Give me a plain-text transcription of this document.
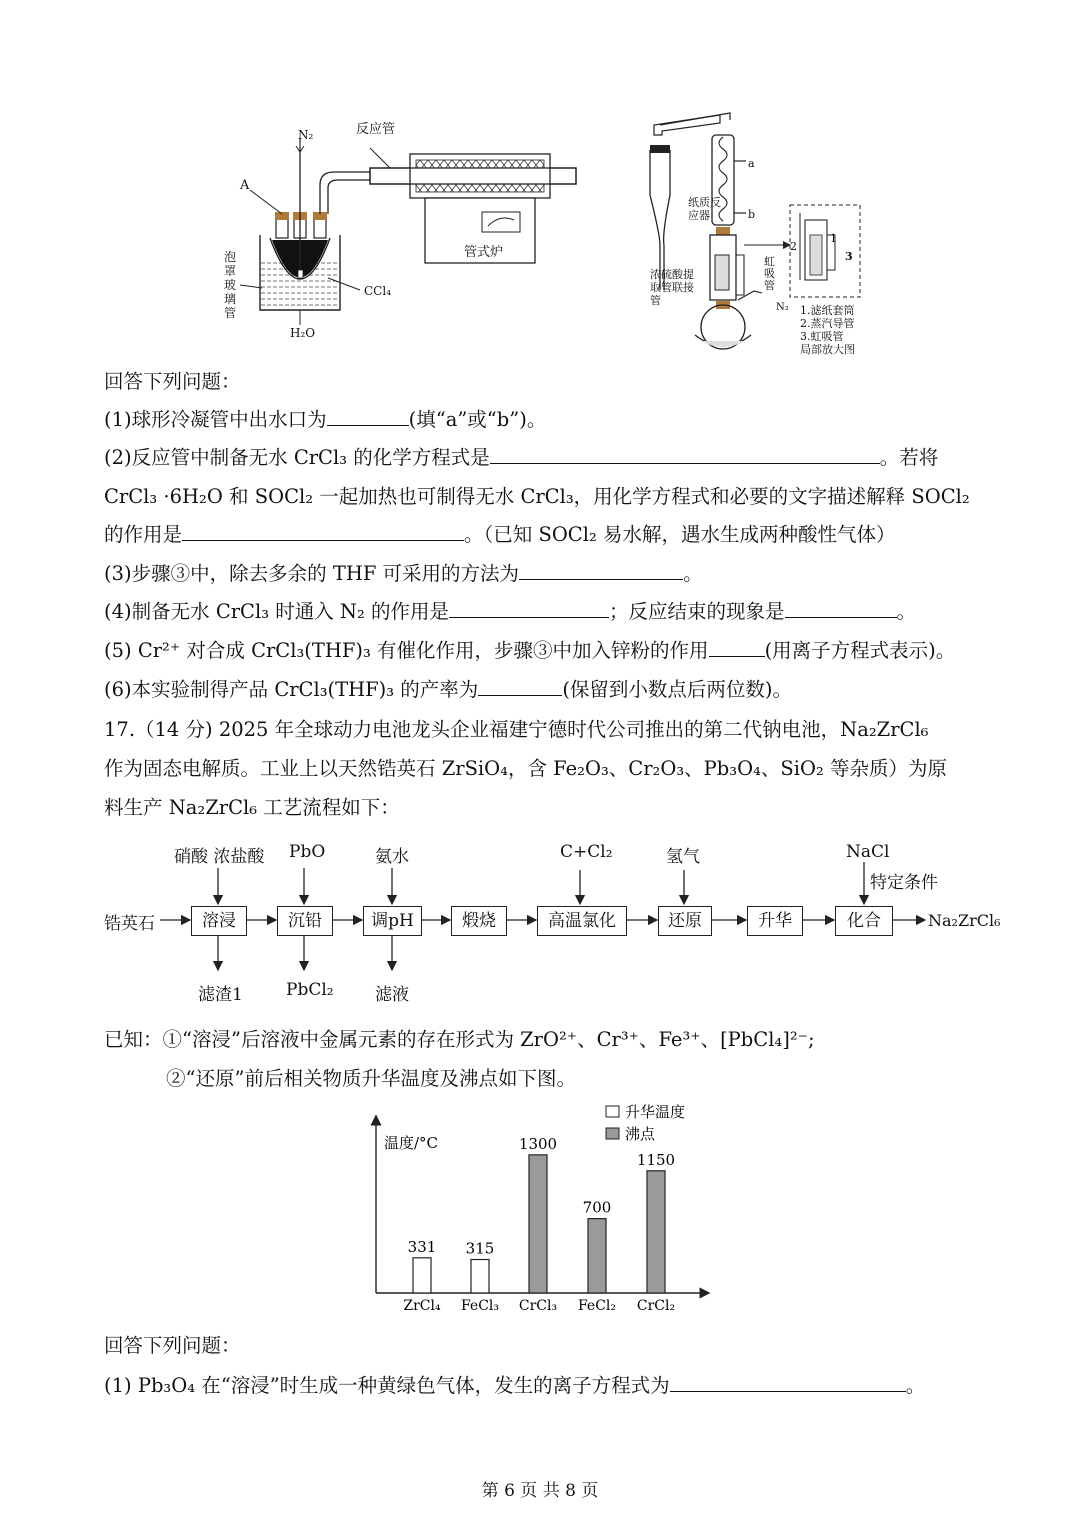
N₂	反应管
A
泡罩玻璃管
CCl₄
H₂O
管式炉
a
b
纸质反应器
浓硫酸提取管联接管
虹吸管
N₂
1
2
3
1.滤纸套筒
2.蒸汽导管
3.虹吸管
局部放大图
回答下列问题：
(1)球形冷凝管中出水口为	(填“a”或“b”)。
(2)反应管中制备无水 CrCl₃ 的化学方程式是	。若将
CrCl₃ ·6H₂O 和 SOCl₂ 一起加热也可制得无水 CrCl₃，用化学方程式和必要的文字描述解释 SOCl₂
的作用是	。（已知 SOCl₂ 易水解，遇水生成两种酸性气体）
(3)步骤③中，除去多余的 THF 可采用的方法为	。
(4)制备无水 CrCl₃ 时通入 N₂ 的作用是	；反应结束的现象是	。
(5) Cr²⁺ 对合成 CrCl₃(THF)₃ 有催化作用，步骤③中加入锌粉的作用	(用离子方程式表示)。
(6)本实验制得产品 CrCl₃(THF)₃ 的产率为	(保留到小数点后两位数)。
17.（14 分) 2025 年全球动力电池龙头企业福建宁德时代公司推出的第二代钠电池，Na₂ZrCl₆
作为固态电解质。工业上以天然锆英石 ZrSiO₄，含 Fe₂O₃、Cr₂O₃、Pb₃O₄、SiO₂ 等杂质）为原
料生产 Na₂ZrCl₆ 工艺流程如下：
锆英石	溶浸	沉铅	调pH	煅烧	高温氯化	还原	升华	化合	Na₂ZrCl₆
硝酸 浓盐酸 PbO	氨水	C+Cl₂	氢气	NaCl
特定条件
滤渣1	PbCl₂ 滤液
已知：①“溶浸”后溶液中金属元素的存在形式为 ZrO²⁺、Cr³⁺、Fe³⁺、[PbCl₄]²⁻;
②“还原”前后相关物质升华温度及沸点如下图。
温度/°C
升华温度
沸点
331
ZrCl₄
315
FeCl₃
1300
CrCl₃
700
FeCl₂
1150
CrCl₂
回答下列问题：
(1) Pb₃O₄ 在“溶浸”时生成一种黄绿色气体，发生的离子方程式为	。
第 6 页 共 8 页
